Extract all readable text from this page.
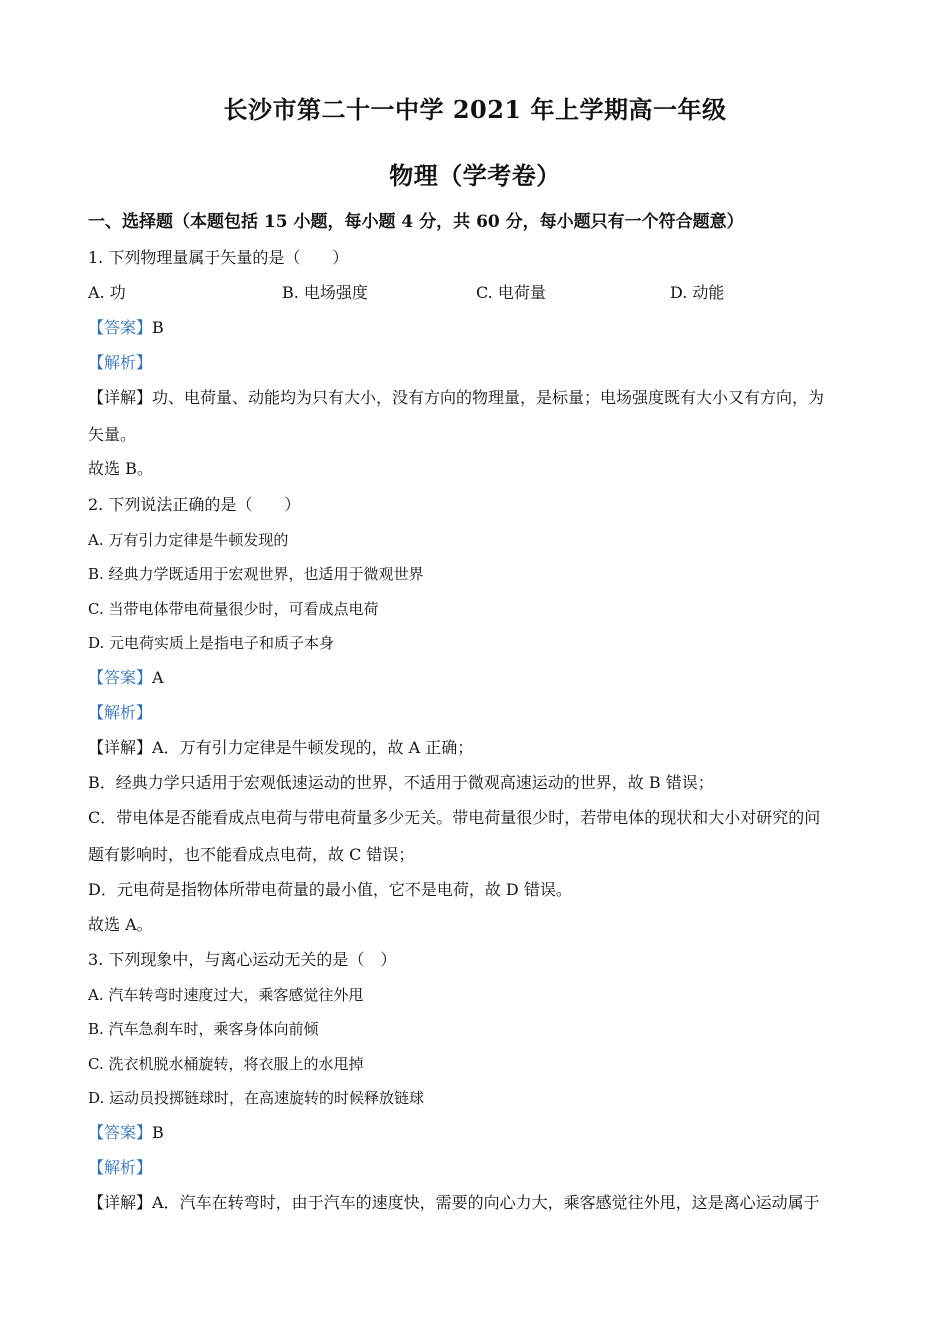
长沙市第二十一中学 2021 年上学期高一年级
物理（学考卷）
一、选择题（本题包括 15 小题，每小题 4 分，共 60 分，每小题只有一个符合题意）
1. 下列物理量属于矢量的是（　　）
A. 功	B. 电场强度	C. 电荷量	D. 动能
【答案】B
【解析】
【详解】功、电荷量、动能均为只有大小，没有方向的物理量，是标量；电场强度既有大小又有方向，为
矢量。
故选 B。
2. 下列说法正确的是（　　）
A. 万有引力定律是牛顿发现的
B. 经典力学既适用于宏观世界，也适用于微观世界
C. 当带电体带电荷量很少时，可看成点电荷
D. 元电荷实质上是指电子和质子本身
【答案】A
【解析】
【详解】A．万有引力定律是牛顿发现的，故 A 正确；
B．经典力学只适用于宏观低速运动的世界，不适用于微观高速运动的世界，故 B 错误；
C．带电体是否能看成点电荷与带电荷量多少无关。带电荷量很少时，若带电体的现状和大小对研究的问
题有影响时，也不能看成点电荷，故 C 错误；
D．元电荷是指物体所带电荷量的最小值，它不是电荷，故 D 错误。
故选 A。
3. 下列现象中，与离心运动无关的是（　）
A. 汽车转弯时速度过大，乘客感觉往外甩
B. 汽车急刹车时，乘客身体向前倾
C. 洗衣机脱水桶旋转，将衣服上的水甩掉
D. 运动员投掷链球时，在高速旋转的时候释放链球
【答案】B
【解析】
【详解】A．汽车在转弯时，由于汽车的速度快，需要的向心力大，乘客感觉往外甩，这是离心运动属于
